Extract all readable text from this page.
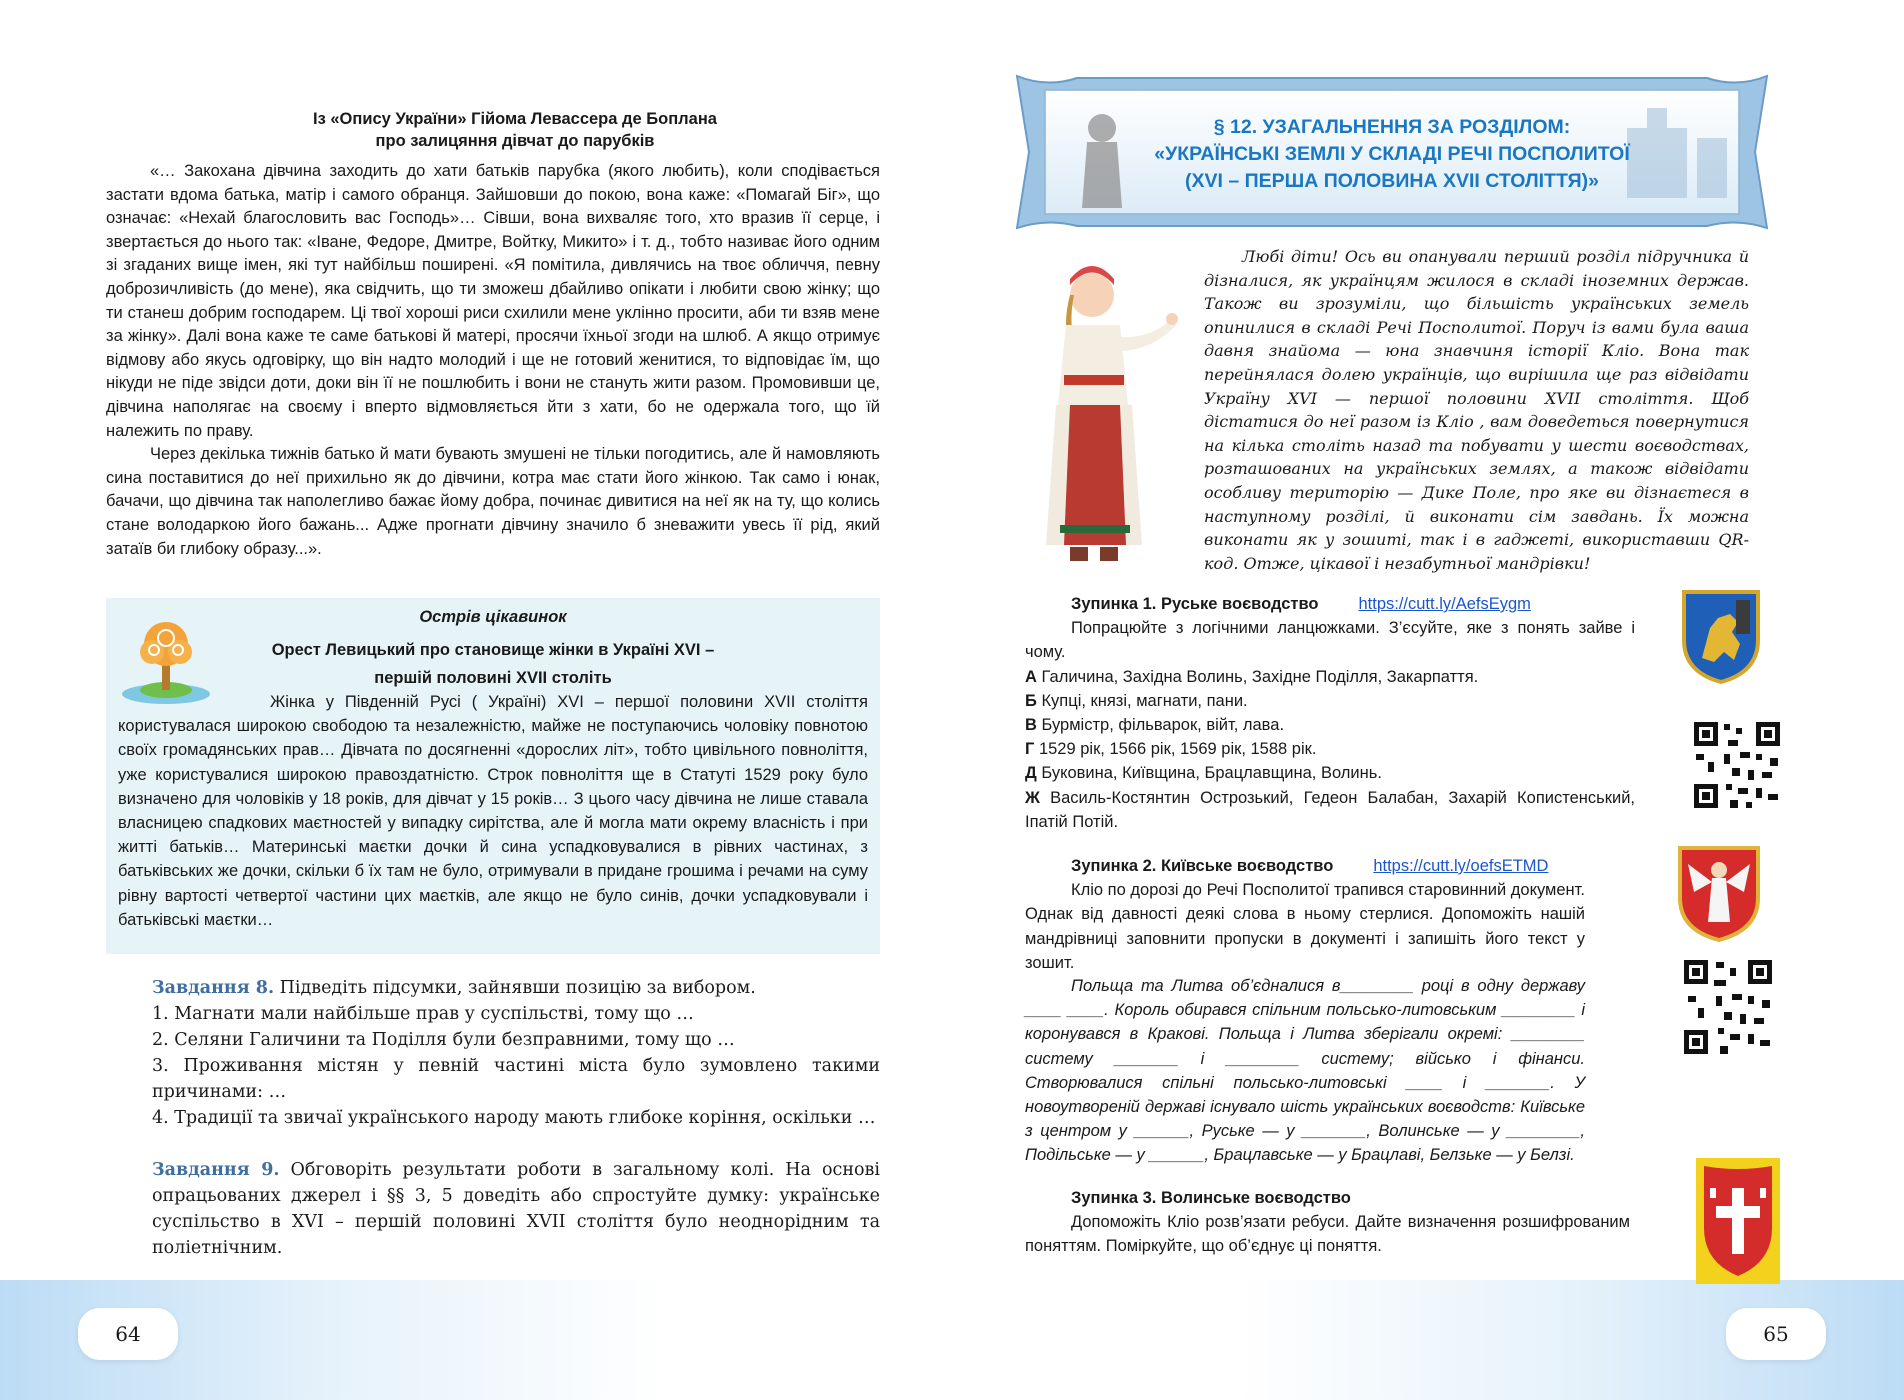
Із «Опису України» Гійома Левассера де Боплана
про залицяння дівчат до парубків

«… Закохана дівчина заходить до хати батьків парубка (якого любить), коли сподівається застати вдома батька, матір і самого обранця. Зайшовши до покою, вона каже: «Помагай Біг», що означає: «Нехай благословить вас Господь»… Сівши, вона вихваляє того, хто вразив її серце, і звертається до нього так: «Іване, Федоре, Дмитре, Войтку, Микито» і т. д., тобто називає його одним зі згаданих вище імен, які тут найбільш поширені. «Я помітила, дивлячись на твоє обличчя, певну доброзичливість (до мене), яка свідчить, що ти зможеш дбайливо опікати і любити свою жінку; що ти станеш добрим господарем. Ці твої хороші риси схилили мене уклінно просити, аби ти взяв мене за жінку». Далі вона каже те саме батькові й матері, просячи їхньої згоди на шлюб. А якщо отримує відмову або якусь одговірку, що він надто молодий і ще не готовий женитися, то відповідає їм, що нікуди не піде звідси доти, доки він її не пошлюбить і вони не стануть жити разом. Промовивши це, дівчина наполягає на своєму і вперто відмовляється йти з хати, бо не одержала того, що їй належить по праву.

Через декілька тижнів батько й мати бувають змушені не тільки погодитись, але й намовляють сина поставитися до неї прихильно як до дівчини, котра має стати його жінкою. Так само і юнак, бачачи, що дівчина так наполегливо бажає йому добра, починає дивитися на неї як на ту, що колись стане володаркою його бажань... Адже прогнати дівчину значило б зневажити увесь її рід, який затаїв би глибоку образу...».

Острів цікавинок
Орест Левицький про становище жінки в Україні XVI –
першій половині XVII століть
Жінка у Південній Русі ( Україні) XVI – першої половини XVII століття користувалася широкою свободою та незалежністю, майже не поступаючись чоловіку повнотою своїх громадянських прав… Дівчата по досягненні «дорослих літ», тобто цивільного повноліття, уже користувалися широкою правоздатністю. Строк повноліття ще в Статуті 1529 року було визначено для чоловіків у 18 років, для дівчат у 15 років… З цього часу дівчина не лише ставала власницею спадкових маєтностей у випадку сирітства, але й могла мати окрему власність і при житті батьків… Материнські маєтки дочки й сина успадковувалися в рівних частинах, з батьківських же дочки, скільки б їх там не було, отримували в придане грошима і речами на суму рівну вартості четвертої частини цих маєтків, але якщо не було синів, дочки успадковували і батьківські маєтки…

Завдання 8. Підведіть підсумки, зайнявши позицію за вибором.

1. Магнати мали найбільше прав у суспільстві, тому що …

2. Селяни Галичини та Поділля були безправними, тому що …

3. Проживання містян у певній частині міста було зумовлено такими причинами: …

4. Традиції та звичаї українського народу мають глибоке коріння, оскільки …

Завдання 9. Обговоріть результати роботи в загальному колі. На основі опрацьованих джерел і §§ 3, 5 доведіть або спростуйте думку: українське суспільство в XVI – першій половині XVII століття було неоднорідним та поліетнічним.

64
§ 12. УЗАГАЛЬНЕННЯ ЗА РОЗДІЛОМ:
«УКРАЇНСЬКІ ЗЕМЛІ У СКЛАДІ РЕЧІ ПОСПОЛИТОЇ
(XVI – ПЕРША ПОЛОВИНА XVII СТОЛІТТЯ)»
Любі діти! Ось ви опанували перший розділ підручника й дізналися, як українцям жилося в складі іноземних держав. Також ви зрозуміли, що більшість українських земель опинилися в складі Речі Посполитої. Поруч із вами була ваша давня знайома — юна знавчиня історії Кліо. Вона так перейнялася долею українців, що вирішила ще раз відвідати Україну XVI — першої половини XVII століття. Щоб дістатися до неї разом із Кліо , вам доведеться повернутися на кілька століть назад та побувати у шести воєводствах, розташованих на українських землях, а також відвідати особливу територію — Дике Поле, про яке ви дізнаєтеся в наступному розділі, й виконати сім завдань. Їх можна виконати як у зошиті, так і в гаджеті, використавши QR-код. Отже, цікавої і незабутньої мандрівки!

Зупинка 1. Руське воєводство https://cutt.ly/AefsEygm

Попрацюйте з логічними ланцюжками. З’єсуйте, яке з понять зайве і чому.

А Галичина, Західна Волинь, Західне Поділля, Закарпаття.

Б Купці, князі, магнати, пани.

В Бурмістр, фільварок, війт, лава.

Г 1529 рік, 1566 рік, 1569 рік, 1588 рік.

Д Буковина, Київщина, Брацлавщина, Волинь.

Ж Василь-Костянтин Острозький, Гедеон Балабан, Захарій Копистенський, Іпатій Потій.

Зупинка 2. Київське воєводство https://cutt.ly/oefsETMD

Кліо по дорозі до Речі Посполитої трапився старовинний документ. Однак від давності деякі слова в ньому стерлися. Допоможіть нашій мандрівниці заповнити пропуски в документі і запишіть його текст у зошит.

Польща та Литва об’єдналися в________ році в одну державу ____ ____. Король обирався спільним польсько-литовським ________ і коронувався в Кракові. Польща і Литва зберігали окремі: ________ систему _______ і ________ систему; військо і фінанси. Створювалися спільні польсько-литовські ____ і _______. У новоутвореній державі існувало шість українських воєводств: Київське з центром у ______, Руське — у _______, Волинське — у ________, Подільське — у ______, Брацлавське — у Брацлаві, Белзьке — у Белзі.

Зупинка 3. Волинське воєводство

Допоможіть Кліо розв’язати ребуси. Дайте визначення розшифрованим поняттям. Поміркуйте, що об’єднує ці поняття.

65
